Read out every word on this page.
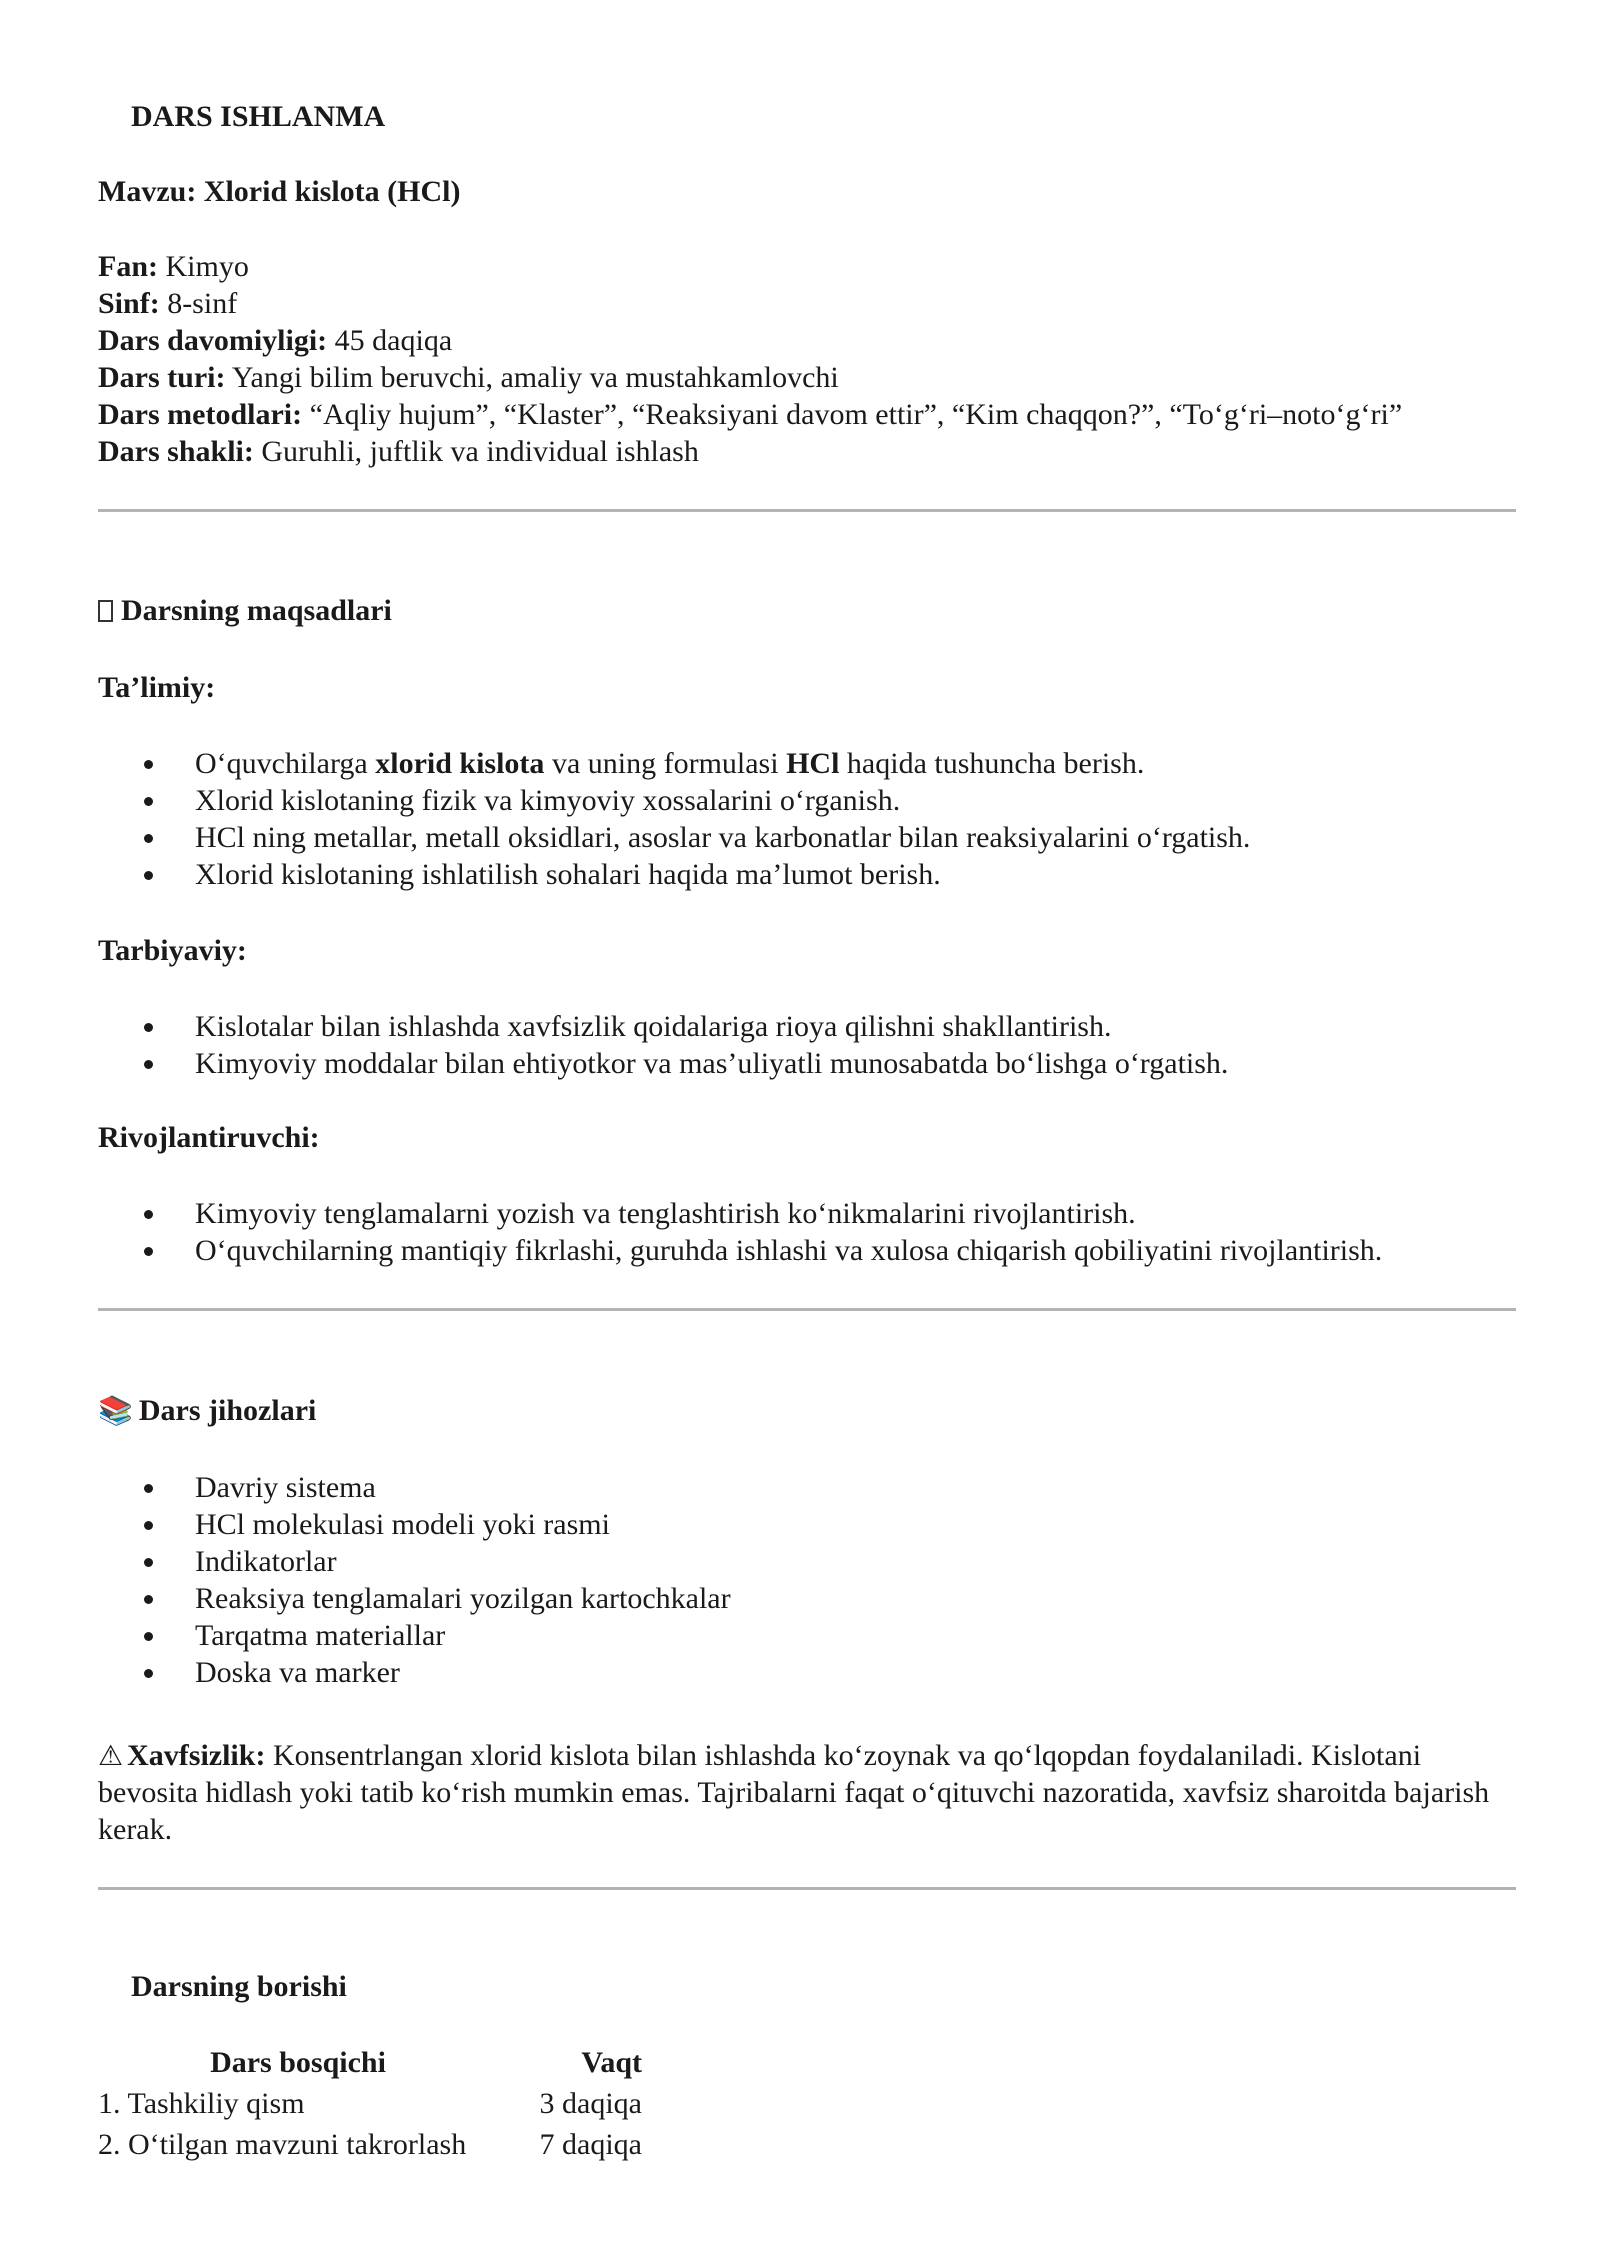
DARS ISHLANMA
Mavzu: Xlorid kislota (HCl)
Fan: Kimyo
Sinf: 8-sinf
Dars davomiyligi: 45 daqiqa
Dars turi: Yangi bilim beruvchi, amaliy va mustahkamlovchi
Dars metodlari: “Aqliy hujum”, “Klaster”, “Reaksiyani davom ettir”, “Kim chaqqon?”, “To‘g‘ri–noto‘g‘ri”
Dars shakli: Guruhli, juftlik va individual ishlash
Darsning maqsadlari
Ta’limiy:
O‘quvchilarga xlorid kislota va uning formulasi HCl haqida tushuncha berish.
Xlorid kislotaning fizik va kimyoviy xossalarini o‘rganish.
HCl ning metallar, metall oksidlari, asoslar va karbonatlar bilan reaksiyalarini o‘rgatish.
Xlorid kislotaning ishlatilish sohalari haqida ma’lumot berish.
Tarbiyaviy:
Kislotalar bilan ishlashda xavfsizlik qoidalariga rioya qilishni shakllantirish.
Kimyoviy moddalar bilan ehtiyotkor va mas’uliyatli munosabatda bo‘lishga o‘rgatish.
Rivojlantiruvchi:
Kimyoviy tenglamalarni yozish va tenglashtirish ko‘nikmalarini rivojlantirish.
O‘quvchilarning mantiqiy fikrlashi, guruhda ishlashi va xulosa chiqarish qobiliyatini rivojlantirish.
📚 Dars jihozlari
Davriy sistema
HCl molekulasi modeli yoki rasmi
Indikatorlar
Reaksiya tenglamalari yozilgan kartochkalar
Tarqatma materiallar
Doska va marker
⚠ Xavfsizlik: Konsentrlangan xlorid kislota bilan ishlashda ko‘zoynak va qo‘lqopdan foydalaniladi. Kislotani bevosita hidlash yoki tatib ko‘rish mumkin emas. Tajribalarni faqat o‘qituvchi nazoratida, xavfsiz sharoitda bajarish kerak.
Darsning borishi
Dars bosqichi	Vaqt
1. Tashkiliy qism	3 daqiqa
2. O‘tilgan mavzuni takrorlash	7 daqiqa
